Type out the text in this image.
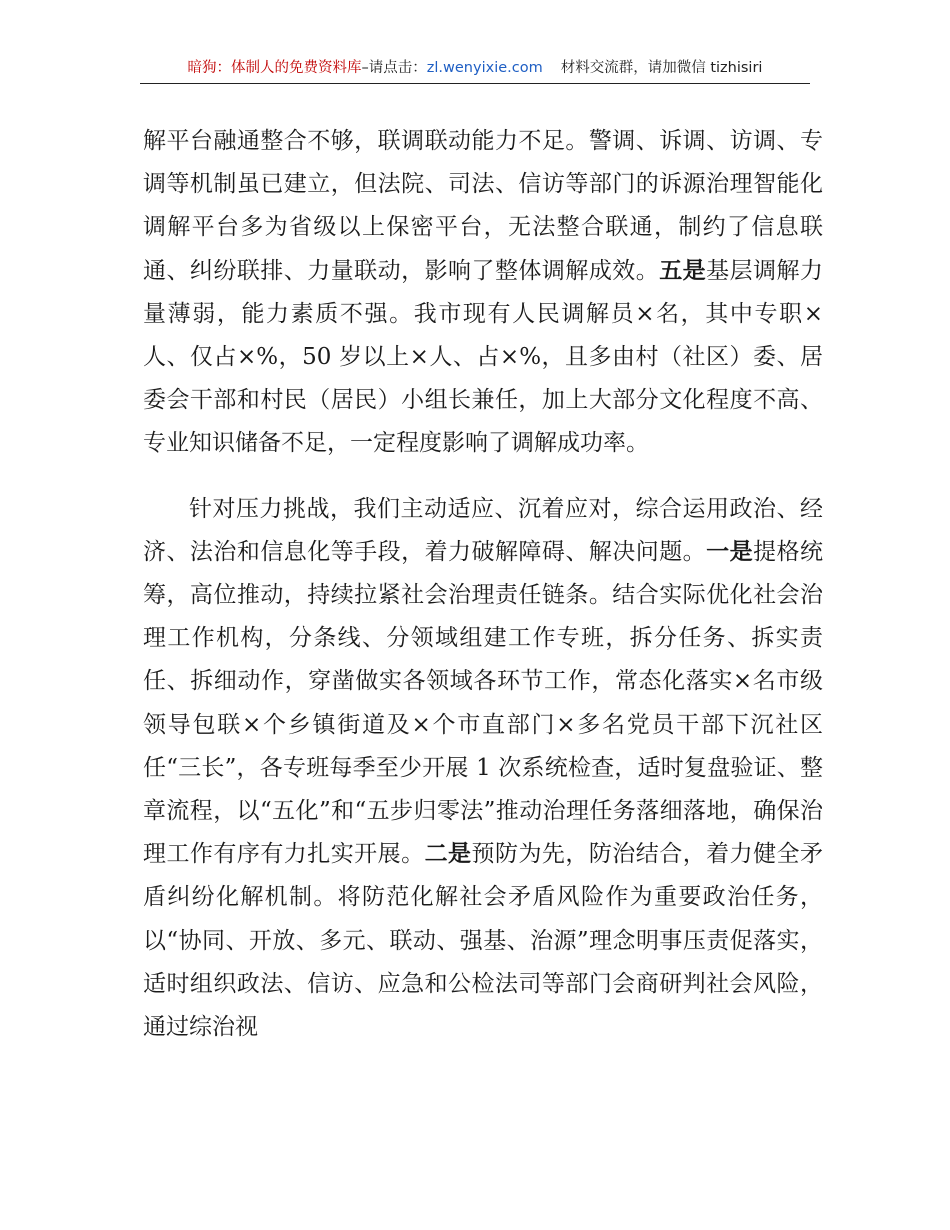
暗狗：体制人的免费资料库–请点击：zl.wenyixie.com 材料交流群，请加微信 tizhisiri

解平台融通整合不够，联调联动能力不足。警调、诉调、访调、专调等机制虽已建立，但法院、司法、信访等部门的诉源治理智能化调解平台多为省级以上保密平台，无法整合联通，制约了信息联通、纠纷联排、力量联动，影响了整体调解成效。五是基层调解力量薄弱，能力素质不强。我市现有人民调解员×名，其中专职×人、仅占×%，50 岁以上×人、占×%，且多由村（社区）委、居委会干部和村民（居民）小组长兼任，加上大部分文化程度不高、专业知识储备不足，一定程度影响了调解成功率。

针对压力挑战，我们主动适应、沉着应对，综合运用政治、经济、法治和信息化等手段，着力破解障碍、解决问题。一是提格统筹，高位推动，持续拉紧社会治理责任链条。结合实际优化社会治理工作机构，分条线、分领域组建工作专班，拆分任务、拆实责任、拆细动作，穿凿做实各领域各环节工作，常态化落实×名市级领导包联×个乡镇街道及×个市直部门×多名党员干部下沉社区任“三长”，各专班每季至少开展 1 次系统检查，适时复盘验证、整章流程，以“五化”和“五步归零法”推动治理任务落细落地，确保治理工作有序有力扎实开展。二是预防为先，防治结合，着力健全矛盾纠纷化解机制。将防范化解社会矛盾风险作为重要政治任务，以“协同、开放、多元、联动、强基、治源”理念明事压责促落实，适时组织政法、信访、应急和公检法司等部门会商研判社会风险，通过综治视
